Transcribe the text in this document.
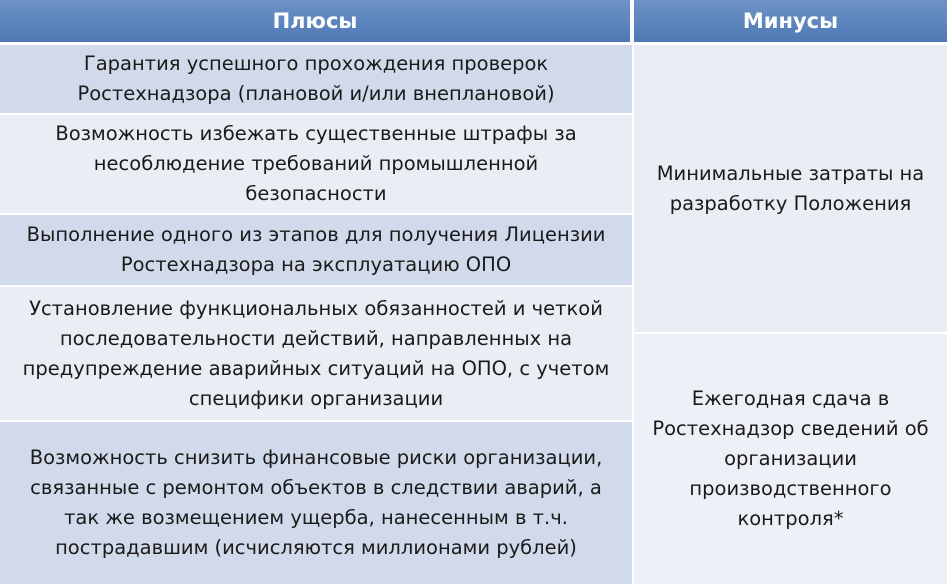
Плюсы	Минусы
Гарантия успешного прохождения проверок Ростехнадзора (плановой и/или внеплановой)
Возможность избежать существенные штрафы за несоблюдение требований промышленной безопасности
Выполнение одного из этапов для получения Лицензии Ростехнадзора на эксплуатацию ОПО
Установление функциональных обязанностей и четкой последовательности действий, направленных на предупреждение аварийных ситуаций на ОПО, с учетом специфики организации
Возможность снизить финансовые риски организации, связанные с ремонтом объектов в следствии аварий, а так же возмещением ущерба, нанесенным в т.ч. пострадавшим (исчисляются миллионами рублей)
Минимальные затраты на разработку Положения
Ежегодная сдача в Ростехнадзор сведений об организации производственного контроля*
